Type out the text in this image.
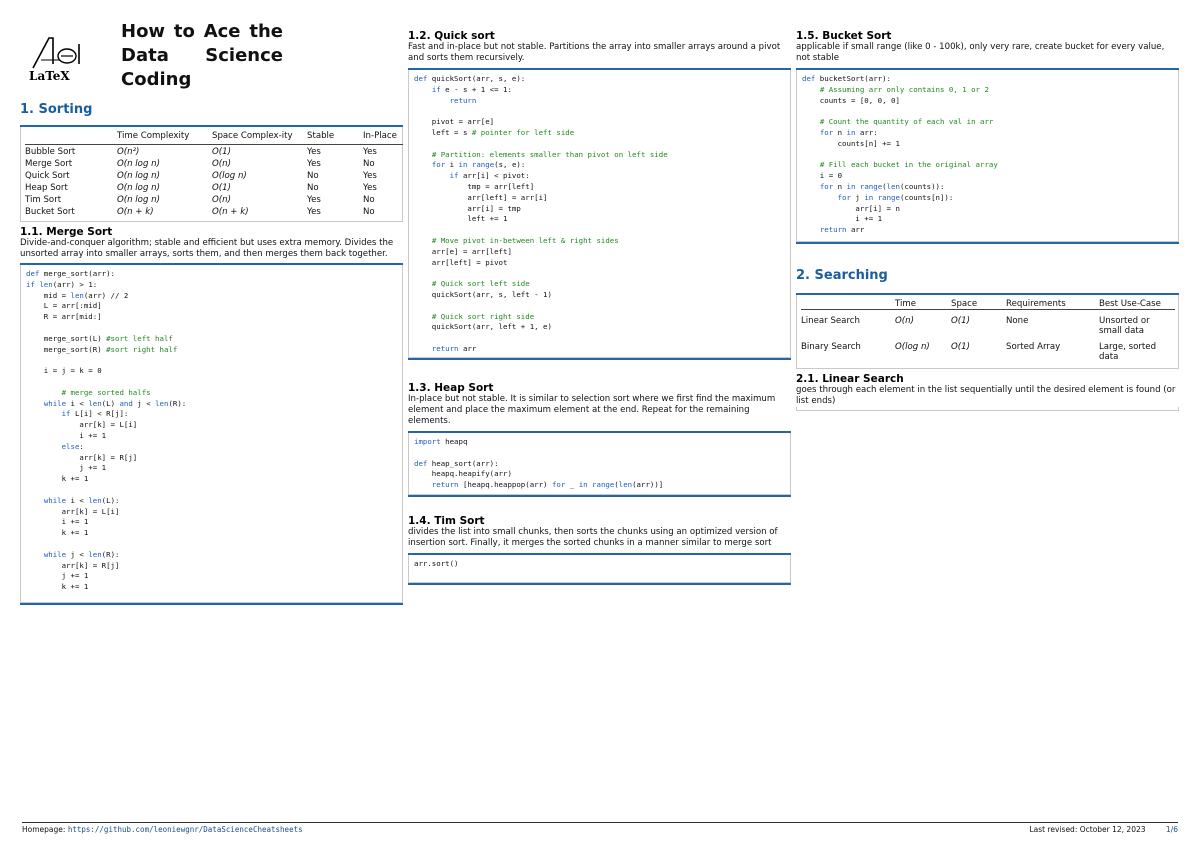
LaTeX
How to Ace the
Data Science
Coding
1. Sorting
	Time Complexity	Space Complex-ity	Stable	In-Place
Bubble Sort	O(n²)	O(1)	Yes	Yes
Merge Sort	O(n log n)	O(n)	Yes	No
Quick Sort	O(n log n)	O(log n)	No	Yes
Heap Sort	O(n log n)	O(1)	No	Yes
Tim Sort	O(n log n)	O(n)	Yes	No
Bucket Sort	O(n + k)	O(n + k)	Yes	No
1.1. Merge Sort
Divide-and-conquer algorithm; stable and efficient but uses extra memory. Divides the unsorted array into smaller arrays, sorts them, and then merges them back together.
def merge_sort(arr):
if len(arr) > 1:
mid = len(arr) // 2
L = arr[:mid]
R = arr[mid:]

merge_sort(L) #sort left half
merge_sort(R) #sort right half

i = j = k = 0

# merge sorted halfs
while i < len(L) and j < len(R):
if L[i] < R[j]:
arr[k] = L[i]
i += 1
else:
arr[k] = R[j]
j += 1
k += 1

while i < len(L):
arr[k] = L[i]
i += 1
k += 1

while j < len(R):
arr[k] = R[j]
j += 1
k += 1
1.2. Quick sort
Fast and in-place but not stable. Partitions the array into smaller arrays around a pivot and sorts them recursively.
def quickSort(arr, s, e):
if e - s + 1 <= 1:
return

pivot = arr[e]
left = s # pointer for left side

# Partition: elements smaller than pivot on left side
for i in range(s, e):
if arr[i] < pivot:
tmp = arr[left]
arr[left] = arr[i]
arr[i] = tmp
left += 1

# Move pivot in-between left & right sides
arr[e] = arr[left]
arr[left] = pivot

# Quick sort left side
quickSort(arr, s, left - 1)

# Quick sort right side
quickSort(arr, left + 1, e)

return arr
1.3. Heap Sort
In-place but not stable. It is similar to selection sort where we first find the maximum element and place the maximum element at the end. Repeat for the remaining elements.
import heapq

def heap_sort(arr):
heapq.heapify(arr)
return [heapq.heappop(arr) for _ in range(len(arr))]
1.4. Tim Sort
divides the list into small chunks, then sorts the chunks using an optimized version of insertion sort. Finally, it merges the sorted chunks in a manner similar to merge sort
arr.sort()
1.5. Bucket Sort
applicable if small range (like 0 - 100k), only very rare, create bucket for every value, not stable
def bucketSort(arr):
# Assuming arr only contains 0, 1 or 2
counts = [0, 0, 0]

# Count the quantity of each val in arr
for n in arr:
counts[n] += 1

# Fill each bucket in the original array
i = 0
for n in range(len(counts)):
for j in range(counts[n]):
arr[i] = n
i += 1
return arr
2. Searching
	Time	Space	Requirements	Best Use-Case
Linear Search	O(n)	O(1)	None	Unsorted or small data
Binary Search	O(log n)	O(1)	Sorted Array	Large, sorted data
2.1. Linear Search
goes through each element in the list sequentially until the desired element is found (or list ends)
Homepage: https://github.com/leoniewgnr/DataScienceCheatsheets	Last revised: October 12, 2023	1/6
